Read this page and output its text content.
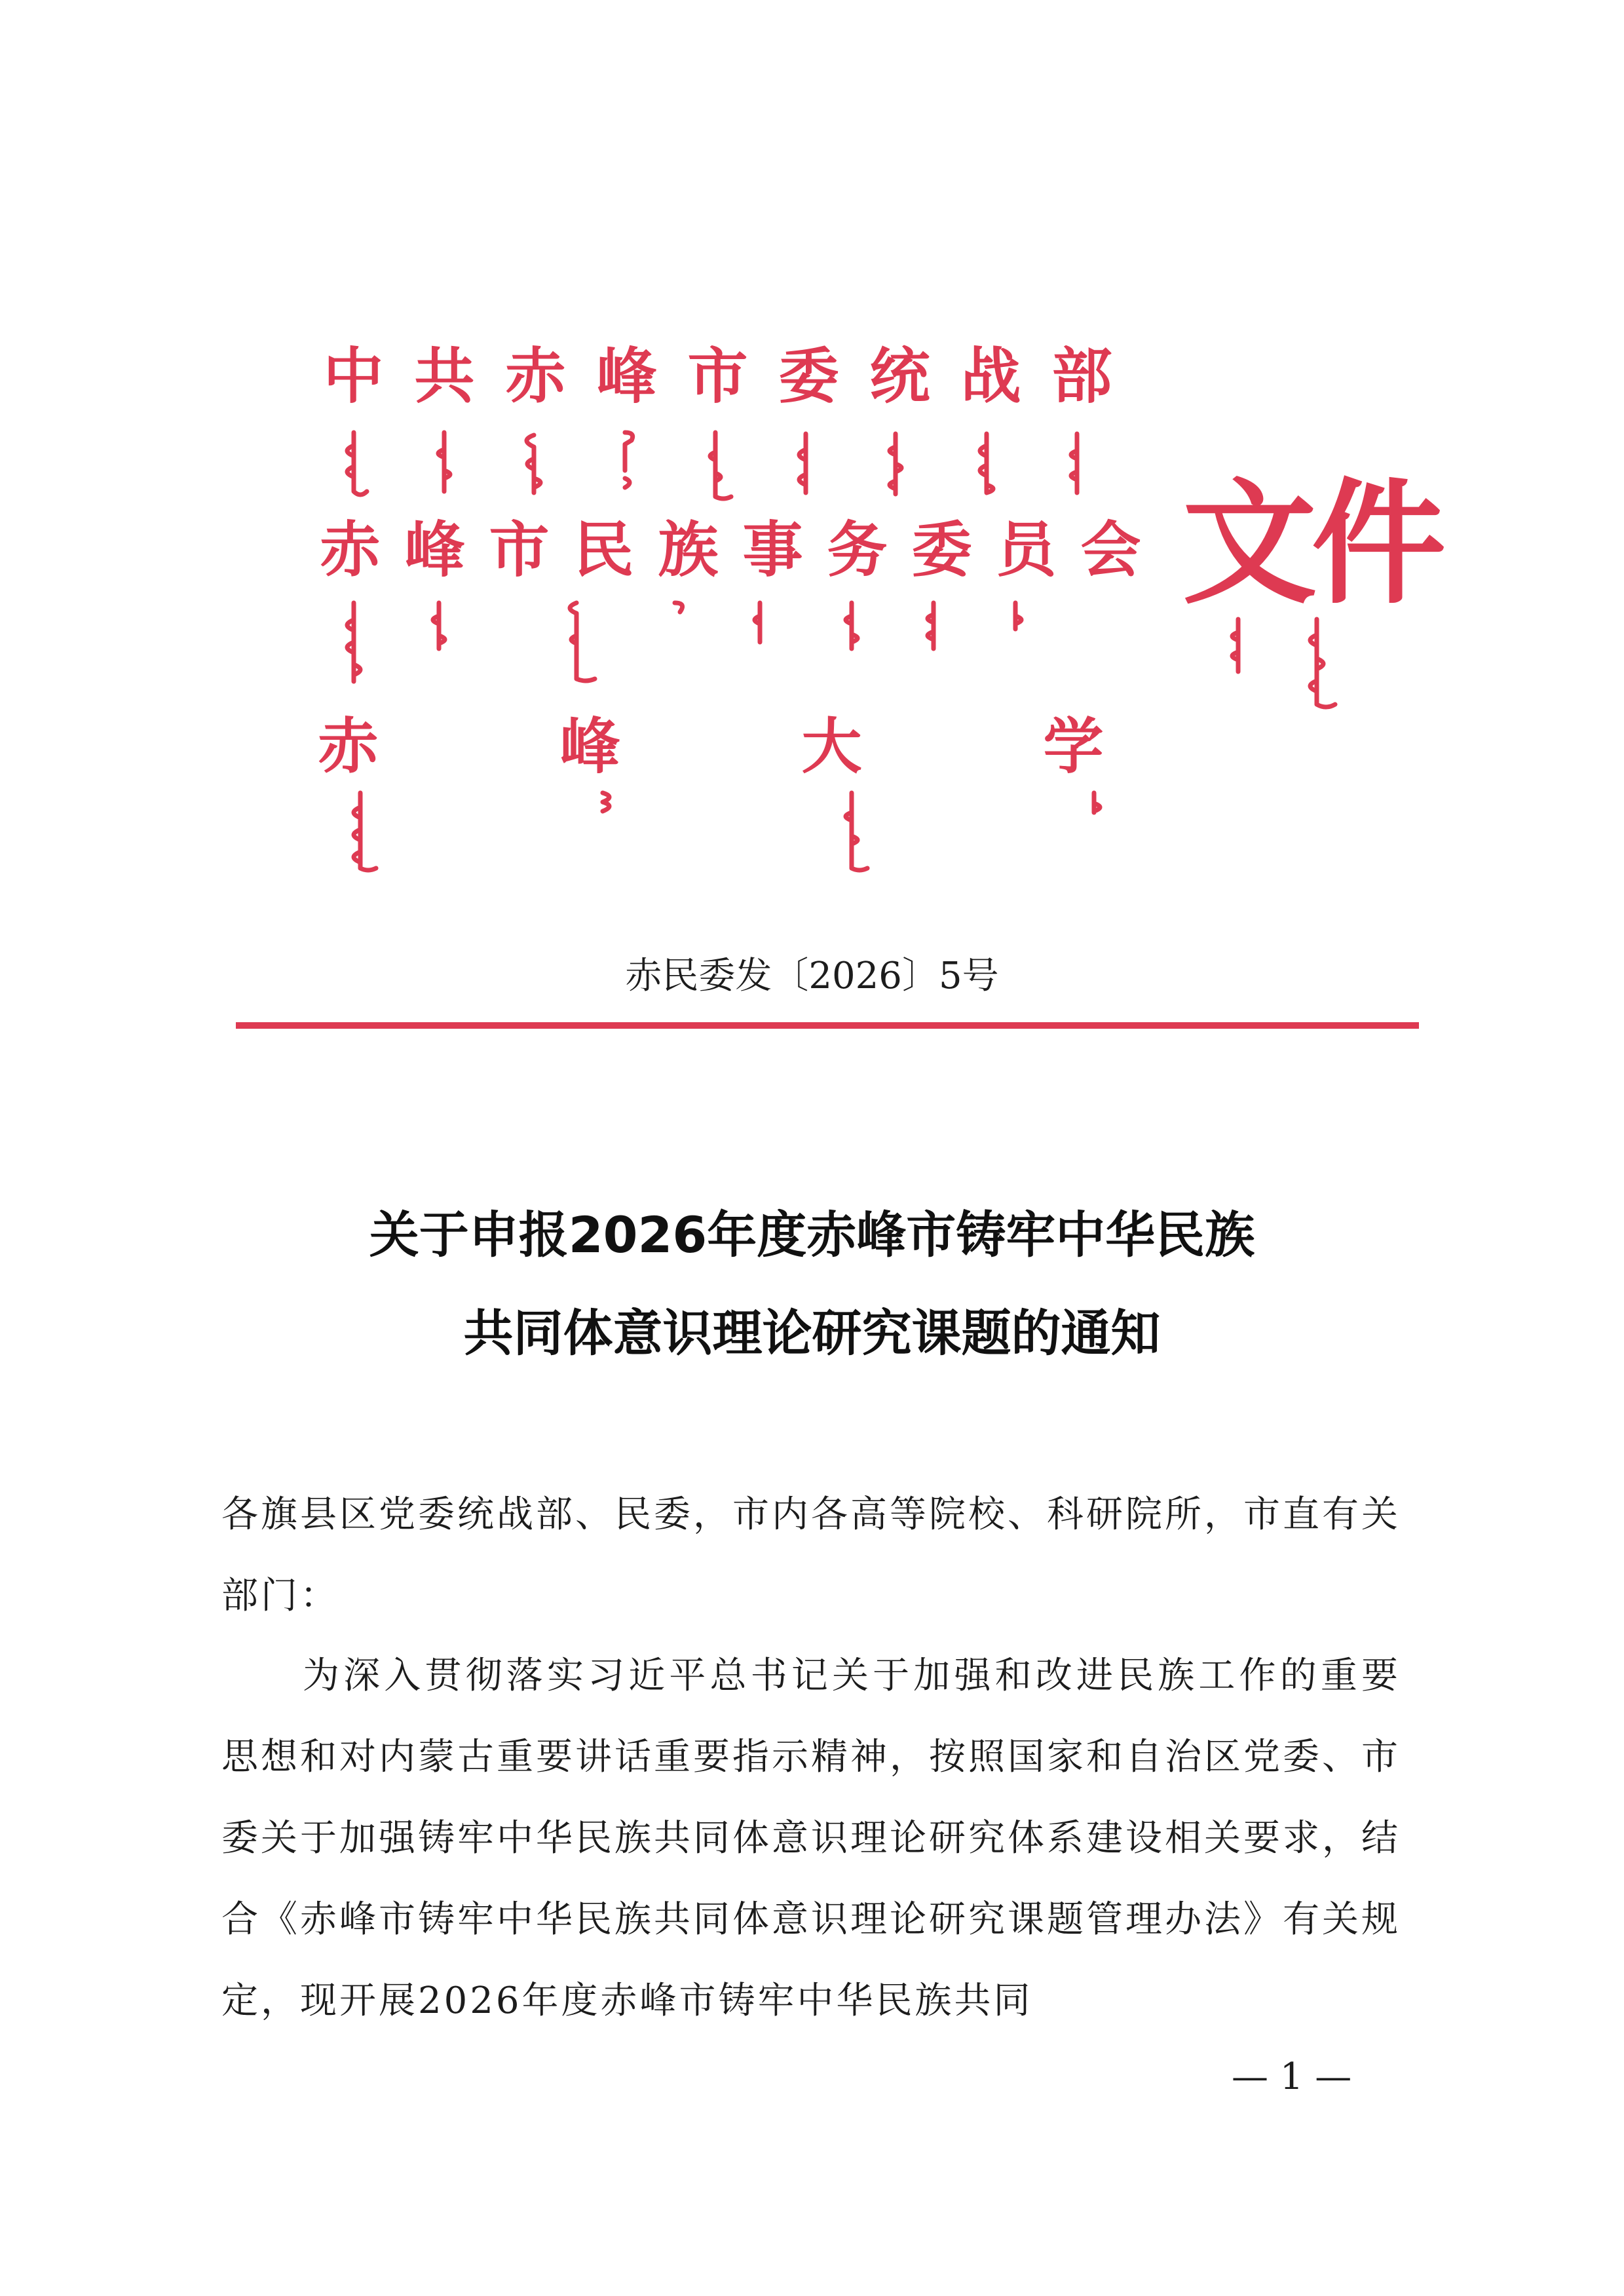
中 共 赤 峰 市 委 统 战 部
赤 峰 市 民 族 事 务 委 员 会 文件
赤	峰	大	学
赤民委发〔2026〕5号
关于申报2026年度赤峰市铸牢中华民族
共同体意识理论研究课题的通知
各旗县区党委统战部、民委，市内各高等院校、科研院所，市直有关部门：
为深入贯彻落实习近平总书记关于加强和改进民族工作的重要思想和对内蒙古重要讲话重要指示精神，按照国家和自治区党委、市委关于加强铸牢中华民族共同体意识理论研究体系建设相关要求，结合《赤峰市铸牢中华民族共同体意识理论研究课题管理办法》有关规定，现开展2026年度赤峰市铸牢中华民族共同
— 1 —
